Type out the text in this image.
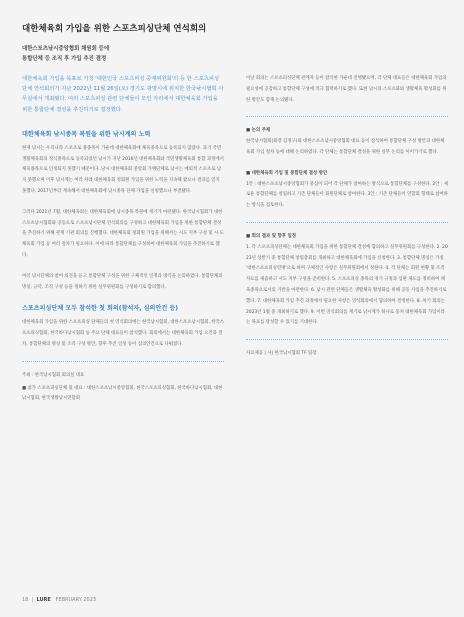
대한체육회 가입을 위한 스포츠피싱단체 연석회의
대한스포츠낚시중앙협회 채원회 등에
통합단체 등 조직 후 가입 추진 결정
대한체육회 가입을 목표로 가칭 '대한민국 스포츠피싱 중재위원회'의 등 한 스포츠피싱단체 연석회의가 지난 2022년 11월 26일(토) 경기도 광명시에 위치한 한국낚시협회 사무실에서 개최됐다. 여러 스포츠피싱 관련 단체들이 모인 자리에서 대한체육회 가입을 위한 통합단체 결성을 추진하기로 결정했다.
대한체육회 낚시종목 복원을 위한 낚시계의 노력
현재 낚시는 우리나라 스포츠로 종종목이 가운데 대한체육회에 체육종목으로 등록되지 않았다. 과거 국민생활체육회의 정식종목으로 등록되었던 낚시가 지난 2016년 대한체육회와 국민생활체육회 통합 과정에서 체육종목으로 인정되지 못했기 때문이다. 당시 대한체육회 중앙회 가맹단체로 낚시는 예외적 스포츠로 남지 못했으며 이후 낚시계는 여러 차례 대한체육회 정회원 가입을 위한 노력을 지속해 왔으나 결과를 얻지 못했다. 2017년부터 계속해서 대한체육회에 낚시종목 단체 가입을 신청했으나 부결됐다.
그러다 2021년 7월, 대한체육회는 대한체육회에 낚시종목 복원에 재기가 마련됐다. 한국낚시협회가 대한스포츠낚시협회와 공동으로 스포츠낚시단체 연석회의를 구성하고 대한체육회 가입을 위한 통합단체 결성을 추진하기 위해 관계 기관 회의를 진행했다. 대한체육회 정회원 가입을 위해서는 시도 지부 구성 및 시·도 체육회 가입 등 여러 절차가 필요하다. 이에 따라 통합단체를 구성하여 대한체육회 가입을 추진하기로 했다.
여러 낚시단체의 참여 의견을 듣고 통합단체 구성을 위한 구체적인 일정과 방식을 논의하였다. 통합단체의 명칭, 규약, 조직 구성 등을 정하기 위한 실무위원회를 구성하기로 합의했다.
스포츠피싱단체 모두 참석한 첫 회의(참석자, 심의안건 등)
대한체육회 가입을 위한 스포츠피싱 단체들의 첫 연석회의에는 한국낚시협회, 대한스포츠낚시협회, 한국스포츠피싱협회, 한국바다낚시협회 등 주요 단체 대표들이 참석했다. 회의에서는 대한체육회 가입 요건과 절차, 통합단체의 명칭 및 조직 구성 방안, 향후 추진 일정 등이 심의안건으로 다뤄졌다.
주최 : 한국낚시협회 회의실 대표
■ 참가 스포츠피싱단체 및 대표 : 대한스포츠낚시중앙협회, 한국스포츠피싱협회, 한국바다낚시협회, 대한낚시협회, 한국생활낚시연합회
이날 회의는 스포츠피싱단체 관계자 등이 참석한 가운데 진행됐으며, 각 단체 대표들은 대한체육회 가입의 필요성에 공감하고 통합단체 구성에 적극 협력하기로 했다. 또한 낚시의 스포츠화와 생활체육 활성화를 위한 방안도 함께 논의됐다.
■ 논의 주제
한국낚시협회(회장 김정구)와 대한스포츠낚시중앙협회 대표 등이 참석하여 통합단체 구성 방안과 대한체육회 가입 절차 등에 대해 논의하였다. 각 단체는 통합단체 결성을 위한 실무 논의를 이어가기로 했다.
■ 대한체육회 가입 및 통합단체 결성 방안
1안 : 대한스포츠낚시중앙협회가 중심이 되어 각 단체가 참여하는 방식으로 통합단체를 구성한다. 2안 : 새로운 통합단체를 설립하고 기존 단체들이 회원단체로 참여한다. 3안 : 기존 단체들이 연합회 형태로 참여하는 방식을 검토한다.
■ 회의 결과 및 향후 일정
1. 각 스포츠피싱단체는 대한체육회 가입을 위한 통합단체 결성에 합의하고 실무위원회를 구성한다. 2. 2023년 상반기 중 통합단체 창립총회를 개최하고 대한체육회에 가입을 신청한다. 3. 통합단체 명칭은 가칭 '대한스포츠피싱연맹'으로 하며 구체적인 사항은 실무위원회에서 정한다. 4. 각 단체는 회원 현황 및 조직 자료를 제출하고 시도 지부 구성을 준비한다. 5. 스포츠피싱 종목의 경기 규정과 심판 제도를 정비하여 체육종목으로서의 기반을 마련한다. 6. 낚시 관련 단체들은 생활체육 활성화를 위해 공동 사업을 추진하기로 했다. 7. 대한체육회 가입 추진 과정에서 필요한 사항은 연석회의에서 협의하여 결정한다. 8. 차기 회의는 2023년 1월 중 개최하기로 했다. 9. 이번 연석회의를 계기로 낚시계가 하나로 뭉쳐 대한체육회 가입이라는 목표를 달성할 수 있기를 기대한다.
자료제공 | 사) 한국낚시협회 TF 팀장
18  |  LURE FEBRUARY 2023
